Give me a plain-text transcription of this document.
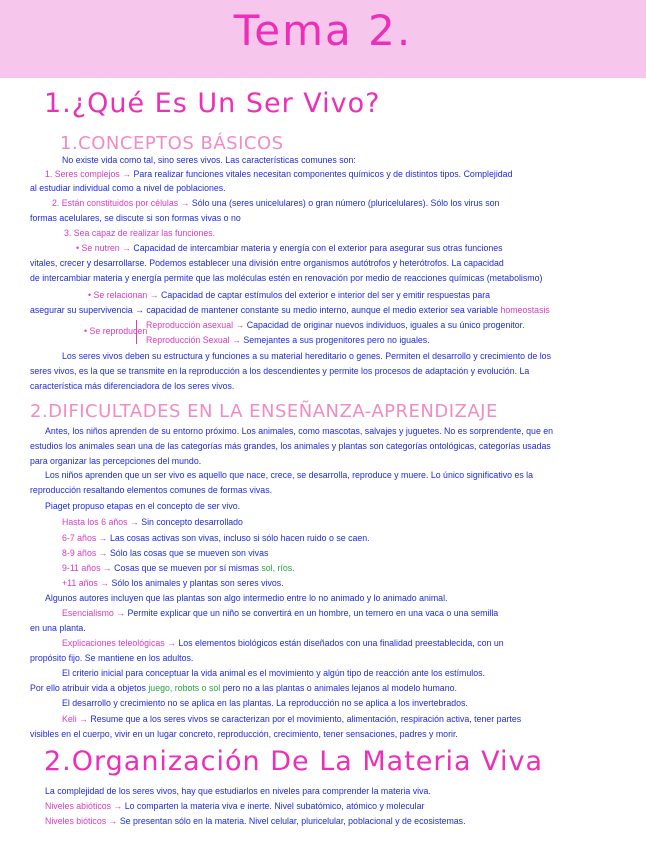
Tema 2.
1.¿Qué Es Un Ser Vivo?
1.CONCEPTOS BÁSICOS
No existe vida como tal, sino seres vivos. Las características comunes son:
1. Seres complejos → Para realizar funciones vitales necesitan componentes químicos y de distintos tipos. Complejidad
al estudiar individual como a nivel de poblaciones.
2. Están constituidos por células → Sólo una (seres unicelulares) o gran número (pluricelulares). Sólo los virus son
formas acelulares, se discute si son formas vivas o no
3. Sea capaz de realizar las funciones.
• Se nutren → Capacidad de intercambiar materia y energía con el exterior para asegurar sus otras funciones
vitales, crecer y desarrollarse. Podemos establecer una división entre organismos autótrofos y heterótrofos. La capacidad
de intercambiar materia y energía permite que las moléculas estén en renovación por medio de reacciones químicas (metabolismo)
• Se relacionan → Capacidad de captar estímulos del exterior e interior del ser y emitir respuestas para
asegurar su supervivencia → capacidad de mantener constante su medio interno, aunque el medio exterior sea variable homeostasis
• Se reproducen
Reproducción asexual → Capacidad de originar nuevos individuos, iguales a su único progenitor.
Reproducción Sexual → Semejantes a sus progenitores pero no iguales.
Los seres vivos deben su estructura y funciones a su material hereditario o genes. Permiten el desarrollo y crecimiento de los
seres vivos, es la que se transmite en la reproducción a los descendientes y permite los procesos de adaptación y evolución. La
característica más diferenciadora de los seres vivos.
2.DIFICULTADES EN LA ENSEÑANZA-APRENDIZAJE
Antes, los niños aprenden de su entorno próximo. Los animales, como mascotas, salvajes y juguetes. No es sorprendente, que en
estudios los animales sean una de las categorías más grandes, los animales y plantas son categorías ontológicas, categorías usadas
para organizar las percepciones del mundo.
Los niños aprenden que un ser vivo es aquello que nace, crece, se desarrolla, reproduce y muere. Lo único significativo es la
reproducción resaltando elementos comunes de formas vivas.
Piaget propuso etapas en el concepto de ser vivo.
Hasta los 6 años → Sin concepto desarrollado
6-7 años → Las cosas activas son vivas, incluso si sólo hacen ruido o se caen.
8-9 años → Sólo las cosas que se mueven son vivas
9-11 años → Cosas que se mueven por sí mismas sol, ríos.
+11 años → Sólo los animales y plantas son seres vivos.
Algunos autores incluyen que las plantas son algo intermedio entre lo no animado y lo animado animal.
Esencialismo → Permite explicar que un niño se convertirá en un hombre, un ternero en una vaca o una semilla
en una planta.
Explicaciones teleológicas → Los elementos biológicos están diseñados con una finalidad preestablecida, con un
propósito fijo. Se mantiene en los adultos.
El criterio inicial para conceptuar la vida animal es el movimiento y algún tipo de reacción ante los estímulos.
Por ello atribuir vida a objetos juego, robots o sol pero no a las plantas o animales lejanos al modelo humano.
El desarrollo y crecimiento no se aplica en las plantas. La reproducción no se aplica a los invertebrados.
Keli → Resume que a los seres vivos se caracterizan por el movimiento, alimentación, respiración activa, tener partes
visibles en el cuerpo, vivir en un lugar concreto, reproducción, crecimiento, tener sensaciones, padres y morir.
2.Organización De La Materia Viva
La complejidad de los seres vivos, hay que estudiarlos en niveles para comprender la materia viva.
Niveles abióticos → Lo comparten la materia viva e inerte. Nivel subatómico, atómico y molecular
Niveles bióticos → Se presentan sólo en la materia. Nivel celular, pluricelular, poblacional y de ecosistemas.
